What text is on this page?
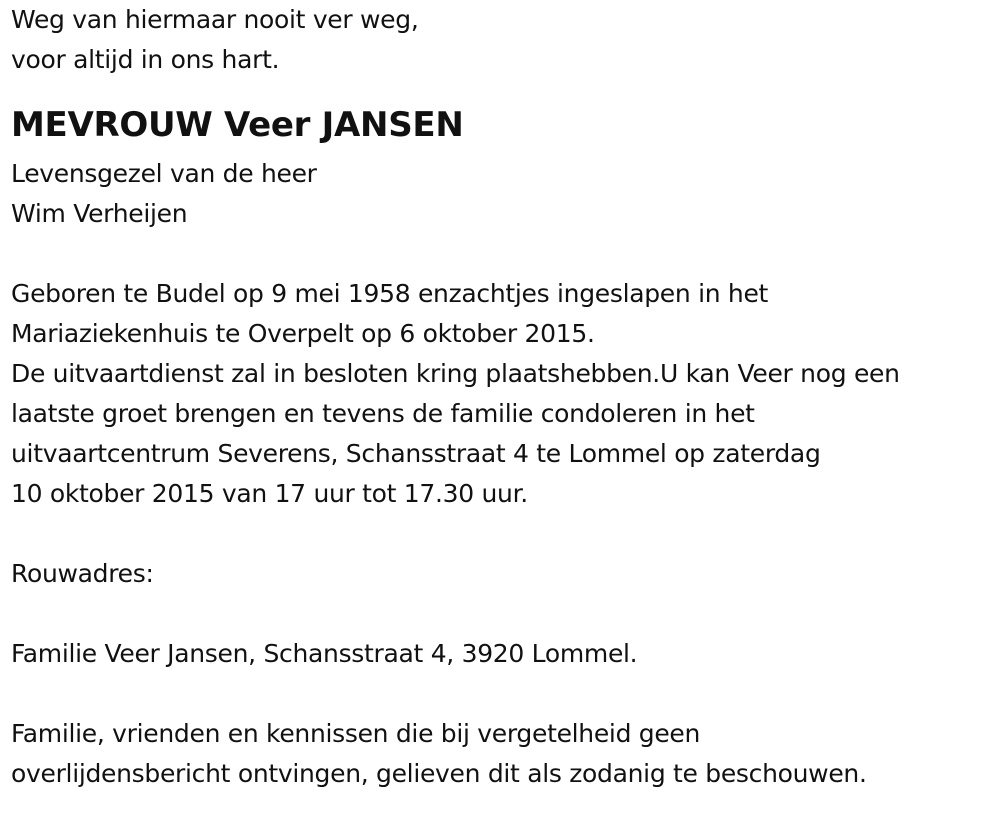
Weg van hiermaar nooit ver weg,
voor altijd in ons hart.
MEVROUW Veer JANSEN
Levensgezel van de heer
Wim Verheijen
Geboren te Budel op 9 mei 1958 enzachtjes ingeslapen in het
Mariaziekenhuis te Overpelt op 6 oktober 2015.
De uitvaartdienst zal in besloten kring plaatshebben.U kan Veer nog een
laatste groet brengen en tevens de familie condoleren in het
uitvaartcentrum Severens, Schansstraat 4 te Lommel op zaterdag
10 oktober 2015 van 17 uur tot 17.30 uur.
Rouwadres:
Familie Veer Jansen, Schansstraat 4, 3920 Lommel.
Familie, vrienden en kennissen die bij vergetelheid geen
overlijdensbericht ontvingen, gelieven dit als zodanig te beschouwen.
